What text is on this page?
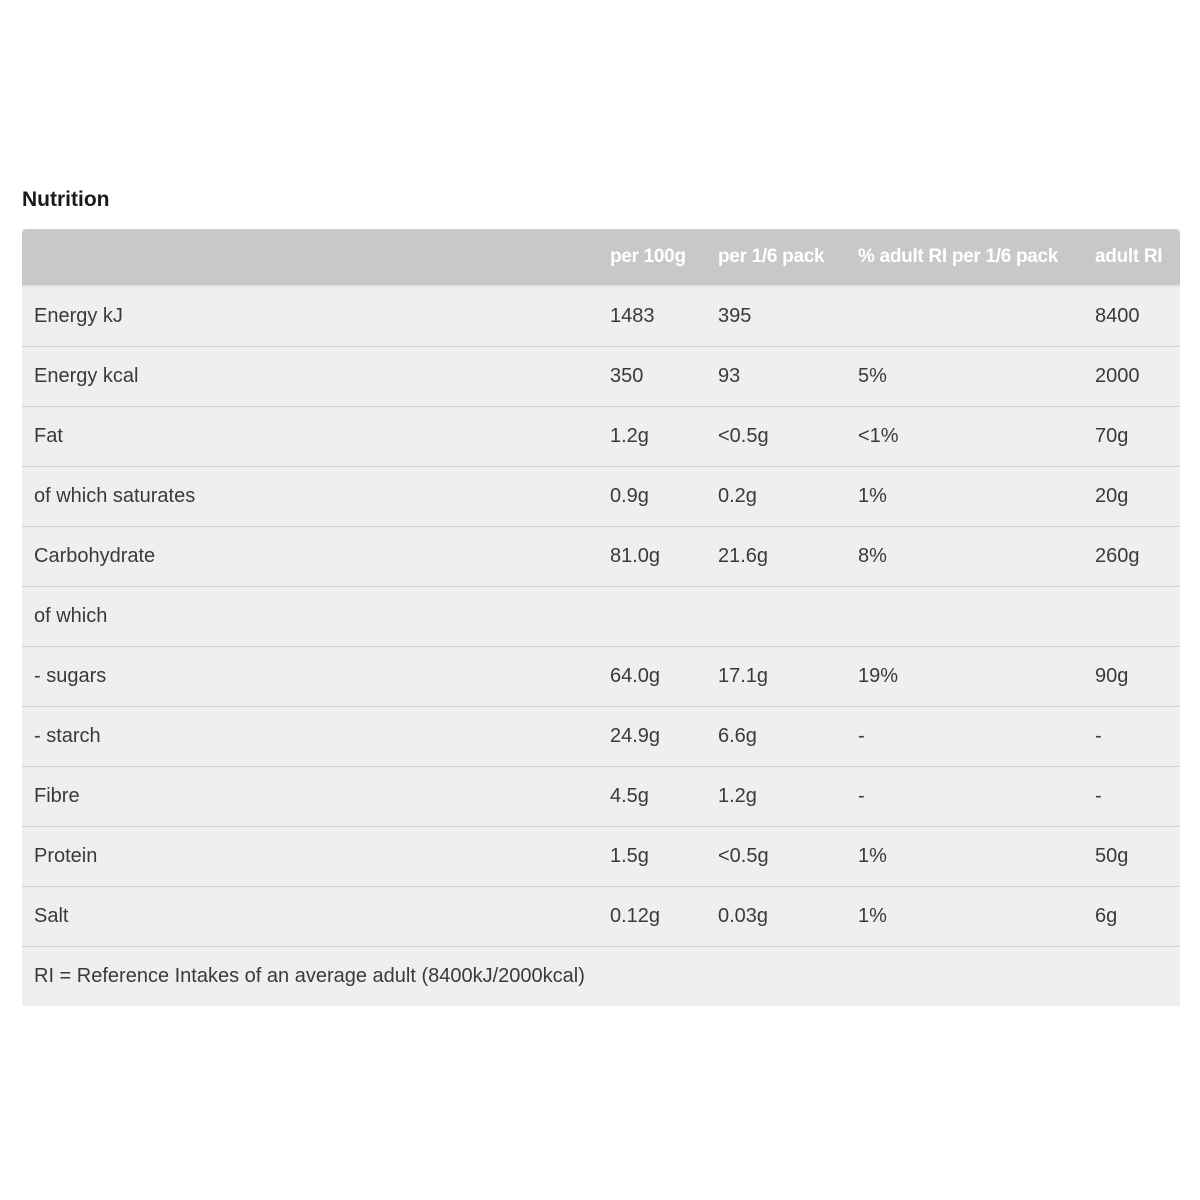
Nutrition
	per 100g	per 1/6 pack	% adult RI per 1/6 pack	adult RI
Energy kJ	1483	395		8400
Energy kcal	350	93	5%	2000
Fat	1.2g	<0.5g	<1%	70g
of which saturates	0.9g	0.2g	1%	20g
Carbohydrate	81.0g	21.6g	8%	260g
of which				
- sugars	64.0g	17.1g	19%	90g
- starch	24.9g	6.6g	-	-
Fibre	4.5g	1.2g	-	-
Protein	1.5g	<0.5g	1%	50g
Salt	0.12g	0.03g	1%	6g
RI = Reference Intakes of an average adult (8400kJ/2000kcal)				
